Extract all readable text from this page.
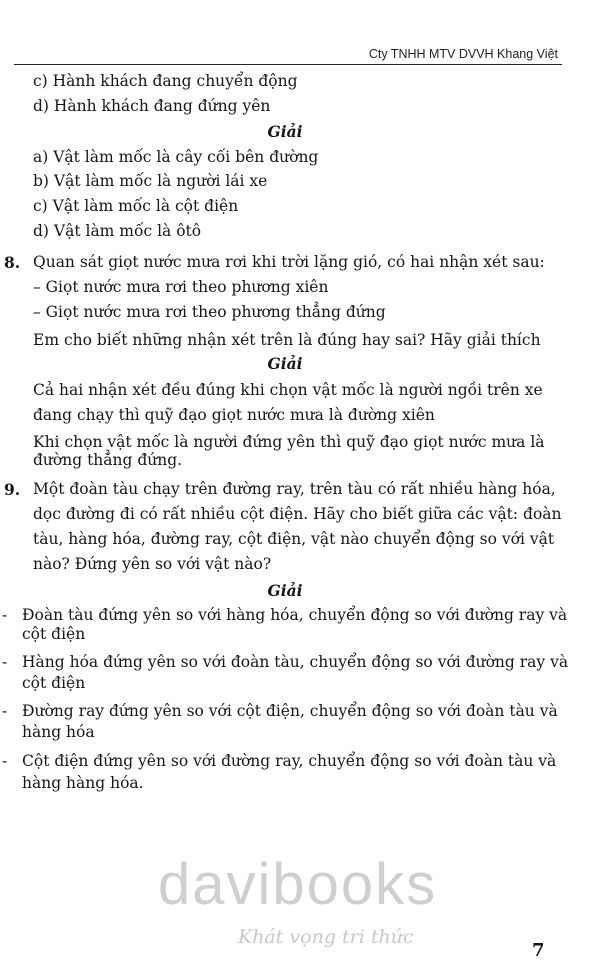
Cty TNHH MTV DVVH Khang Việt
c) Hành khách đang chuyển động
d) Hành khách đang đứng yên
Giải
a) Vật làm mốc là cây cối bên đường
b) Vật làm mốc là người lái xe
c) Vật làm mốc là cột điện
d) Vật làm mốc là ôtô
8. Quan sát giọt nước mưa rơi khi trời lặng gió, có hai nhận xét sau:
– Giọt nước mưa rơi theo phương xiên
– Giọt nước mưa rơi theo phương thẳng đứng
Em cho biết những nhận xét trên là đúng hay sai? Hãy giải thích
Giải
Cả hai nhận xét đều đúng khi chọn vật mốc là người ngồi trên xe
đang chạy thì quỹ đạo giọt nước mưa là đường xiên
Khi chọn vật mốc là người đứng yên thì quỹ đạo giọt nước mưa là
đường thẳng đứng.
9. Một đoàn tàu chạy trên đường ray, trên tàu có rất nhiều hàng hóa,
dọc đường đi có rất nhiều cột điện. Hãy cho biết giữa các vật: đoàn
tàu, hàng hóa, đường ray, cột điện, vật nào chuyển động so với vật
nào? Đứng yên so với vật nào?
Giải
- Đoàn tàu đứng yên so với hàng hóa, chuyển động so với đường ray và
cột điện
- Hàng hóa đứng yên so với đoàn tàu, chuyển động so với đường ray và
cột điện
- Đường ray đứng yên so với cột điện, chuyển động so với đoàn tàu và
hàng hóa
- Cột điện đứng yên so với đường ray, chuyển động so với đoàn tàu và
hàng hàng hóa.
davibooks
Khát vọng tri thức
7
